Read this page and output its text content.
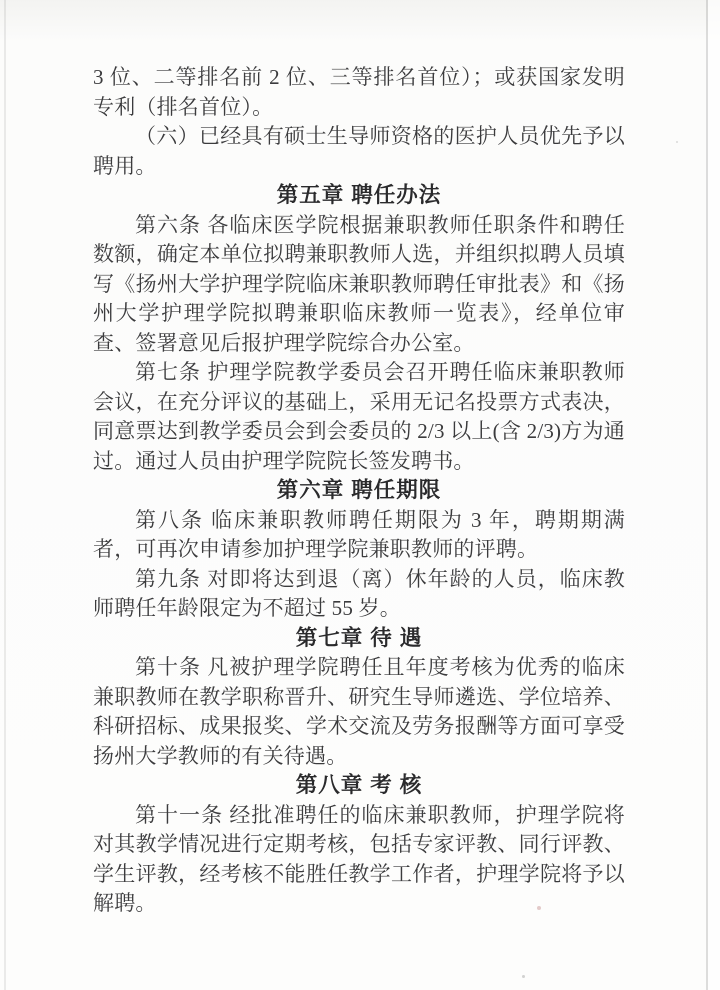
3 位、二等排名前 2 位、三等排名首位）；或获国家发明专利（排名首位）。

（六）已经具有硕士生导师资格的医护人员优先予以聘用。

第五章 聘任办法

第六条 各临床医学院根据兼职教师任职条件和聘任数额，确定本单位拟聘兼职教师人选，并组织拟聘人员填写《扬州大学护理学院临床兼职教师聘任审批表》和《扬州大学护理学院拟聘兼职临床教师一览表》，经单位审查、签署意见后报护理学院综合办公室。

第七条 护理学院教学委员会召开聘任临床兼职教师会议，在充分评议的基础上，采用无记名投票方式表决，同意票达到教学委员会到会委员的 2/3 以上(含 2/3)方为通过。通过人员由护理学院院长签发聘书。

第六章 聘任期限

第八条 临床兼职教师聘任期限为 3 年，聘期期满者，可再次申请参加护理学院兼职教师的评聘。

第九条 对即将达到退（离）休年龄的人员，临床教师聘任年龄限定为不超过 55 岁。

第七章 待 遇

第十条 凡被护理学院聘任且年度考核为优秀的临床兼职教师在教学职称晋升、研究生导师遴选、学位培养、科研招标、成果报奖、学术交流及劳务报酬等方面可享受扬州大学教师的有关待遇。

第八章 考 核

第十一条 经批准聘任的临床兼职教师，护理学院将对其教学情况进行定期考核，包括专家评教、同行评教、学生评教，经考核不能胜任教学工作者，护理学院将予以解聘。
